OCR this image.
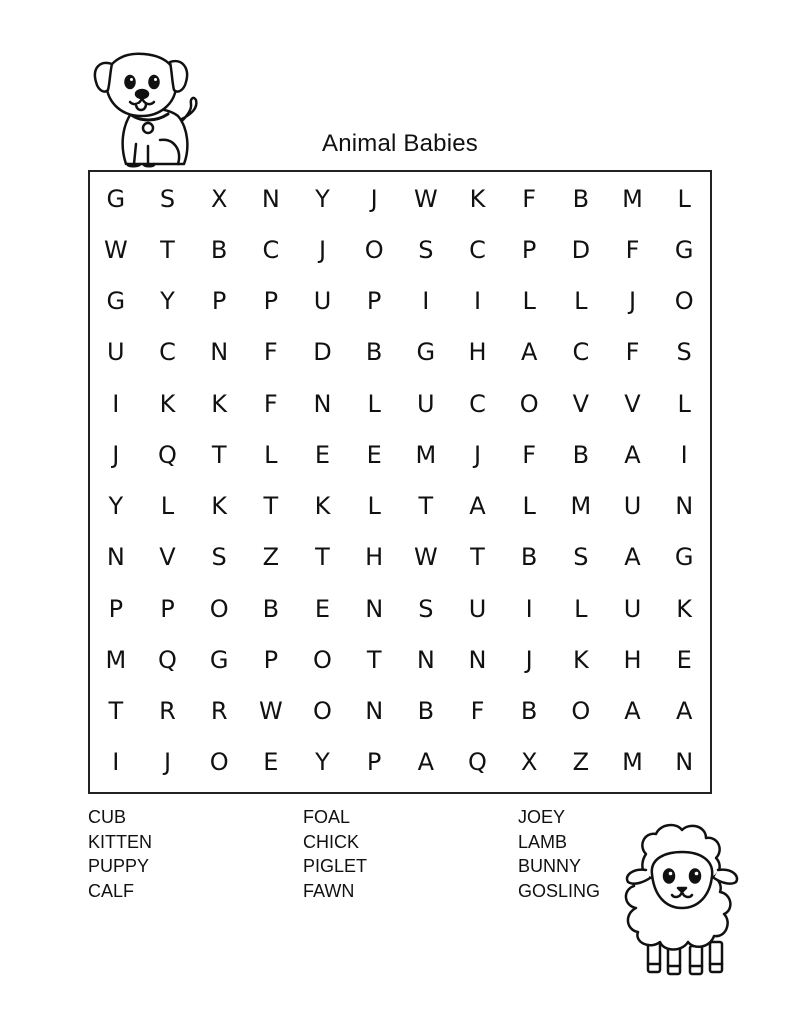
Animal Babies
G	S	X	N	Y	J	W	K	F	B	M	L
W	T	B	C	J	O	S	C	P	D	F	G
G	Y	P	P	U	P	I	I	L	L	J	O
U	C	N	F	D	B	G	H	A	C	F	S
I	K	K	F	N	L	U	C	O	V	V	L
J	Q	T	L	E	E	M	J	F	B	A	I
Y	L	K	T	K	L	T	A	L	M	U	N
N	V	S	Z	T	H	W	T	B	S	A	G
P	P	O	B	E	N	S	U	I	L	U	K
M	Q	G	P	O	T	N	N	J	K	H	E
T	R	R	W	O	N	B	F	B	O	A	A
I	J	O	E	Y	P	A	Q	X	Z	M	N
CUB
KITTEN
PUPPY
CALF
FOAL
CHICK
PIGLET
FAWN
JOEY
LAMB
BUNNY
GOSLING
